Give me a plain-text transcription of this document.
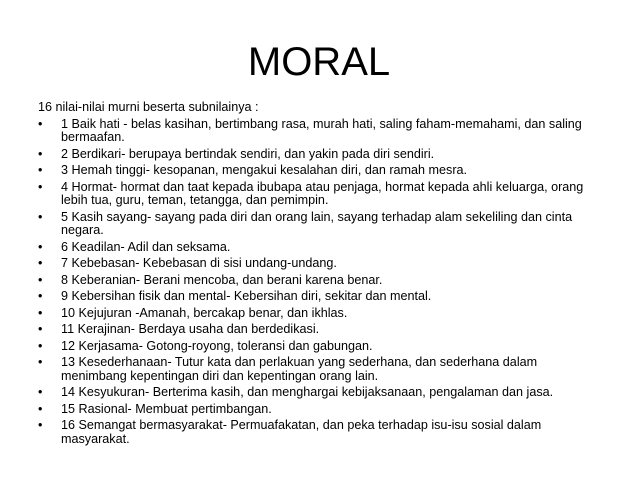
MORAL

16 nilai-nilai murni beserta subnilainya :

•	1 Baik hati - belas kasihan, bertimbang rasa, murah hati, saling faham-memahami, dan saling bermaafan.
•	2 Berdikari- berupaya bertindak sendiri, dan yakin pada diri sendiri.
•	3 Hemah tinggi- kesopanan, mengakui kesalahan diri, dan ramah mesra.
•	4 Hormat- hormat dan taat kepada ibubapa atau penjaga, hormat kepada ahli keluarga, orang lebih tua, guru, teman, tetangga, dan pemimpin.
•	5 Kasih sayang- sayang pada diri dan orang lain, sayang terhadap alam sekeliling dan cinta negara.
•	6 Keadilan- Adil dan seksama.
•	7 Kebebasan- Kebebasan di sisi undang-undang.
•	8 Keberanian- Berani mencoba, dan berani karena benar.
•	9 Kebersihan fisik dan mental- Kebersihan diri, sekitar dan mental.
•	10 Kejujuran -Amanah, bercakap benar, dan ikhlas.
•	11 Kerajinan- Berdaya usaha dan berdedikasi.
•	12 Kerjasama- Gotong-royong, toleransi dan gabungan.
•	13 Kesederhanaan- Tutur kata dan perlakuan yang sederhana, dan sederhana dalam menimbang kepentingan diri dan kepentingan orang lain.
•	14 Kesyukuran- Berterima kasih, dan menghargai kebijaksanaan, pengalaman dan jasa.
•	15 Rasional- Membuat pertimbangan.
•	16 Semangat bermasyarakat- Permuafakatan, dan peka terhadap isu-isu sosial dalam masyarakat.
